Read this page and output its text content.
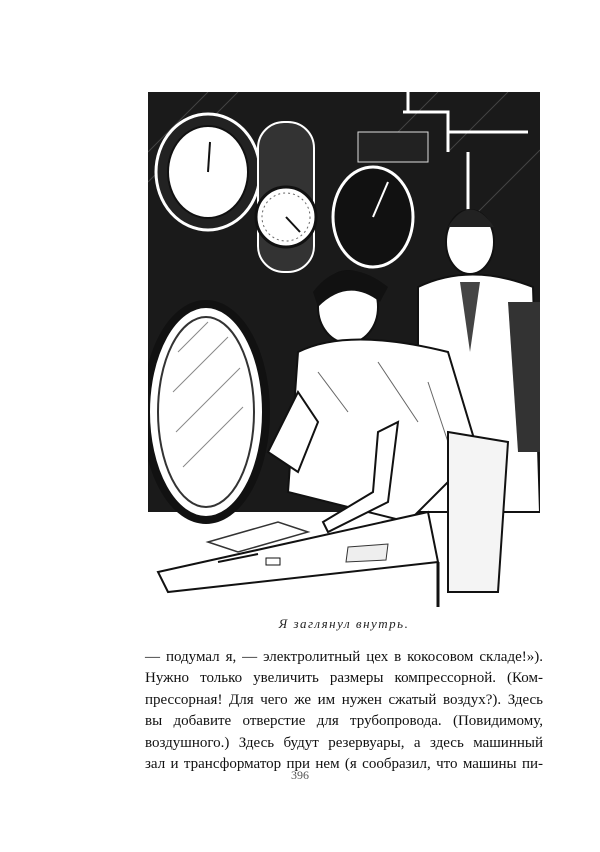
Я заглянул внутрь.
— подумал я, — электролитный цех в кокосовом складе!»).
Нужно только увеличить размеры компрессорной. (Ком-
прессорная! Для чего же им нужен сжатый воздух?). Здесь
вы добавите отверстие для трубопровода. (Повидимому,
воздушного.) Здесь будут резервуары, а здесь машинный
зал и трансформатор при нем (я сообразил, что машины пи-
396
